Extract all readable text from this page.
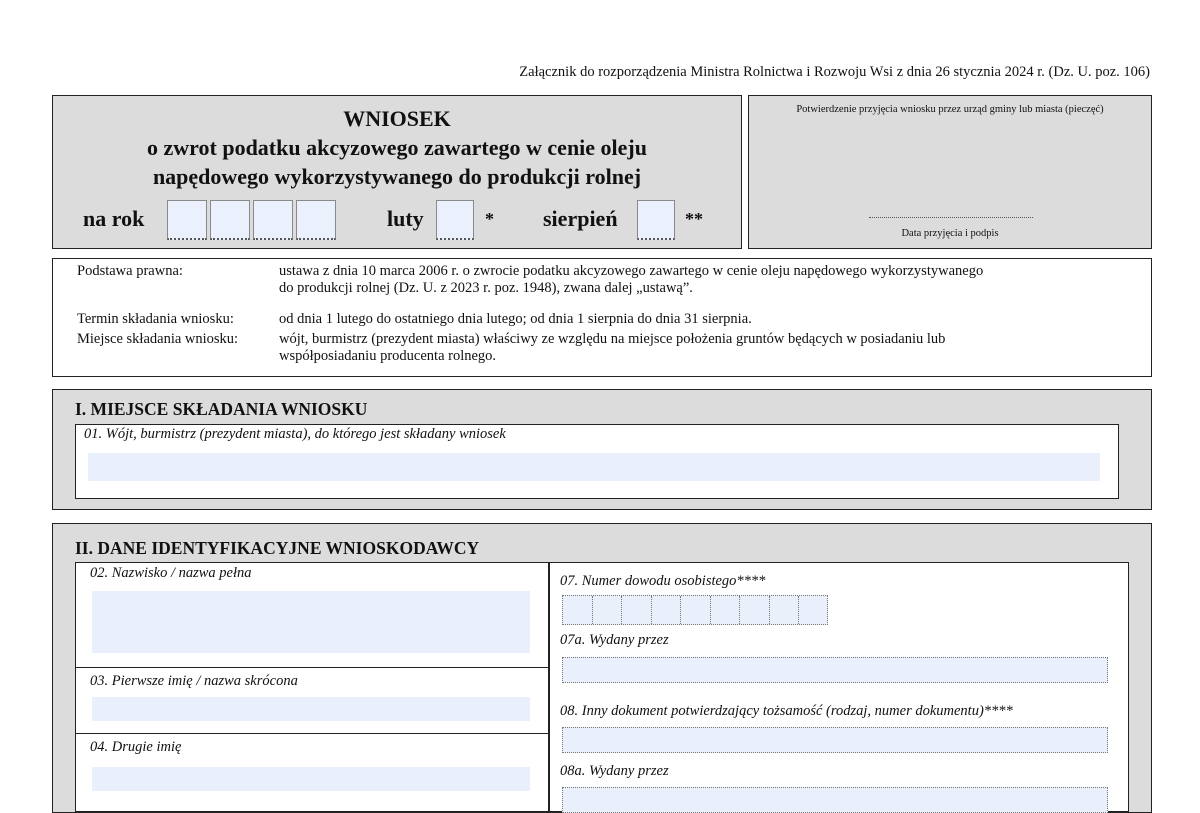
Załącznik do rozporządzenia Ministra Rolnictwa i Rozwoju Wsi z dnia 26 stycznia 2024 r. (Dz. U. poz. 106)
WNIOSEK
o zwrot podatku akcyzowego zawartego w cenie oleju
napędowego wykorzystywanego do produkcji rolnej
na rok	luty	* sierpień	**
Potwierdzenie przyjęcia wniosku przez urząd gminy lub miasta (pieczęć)
Data przyjęcia i podpis
Podstawa prawna:	ustawa z dnia 10 marca 2006 r. o zwrocie podatku akcyzowego zawartego w cenie oleju napędowego wykorzystywanego
do produkcji rolnej (Dz. U. z 2023 r. poz. 1948), zwana dalej „ustawą”.
Termin składania wniosku:	od dnia 1 lutego do ostatniego dnia lutego; od dnia 1 sierpnia do dnia 31 sierpnia.
Miejsce składania wniosku:	wójt, burmistrz (prezydent miasta) właściwy ze względu na miejsce położenia gruntów będących w posiadaniu lub
współposiadaniu producenta rolnego.
I. MIEJSCE SKŁADANIA WNIOSKU
01. Wójt, burmistrz (prezydent miasta), do którego jest składany wniosek
II. DANE IDENTYFIKACYJNE WNIOSKODAWCY
02. Nazwisko / nazwa pełna
03. Pierwsze imię / nazwa skrócona
04. Drugie imię
07. Numer dowodu osobistego****
07a. Wydany przez
08. Inny dokument potwierdzający tożsamość (rodzaj, numer dokumentu)****
08a. Wydany przez
